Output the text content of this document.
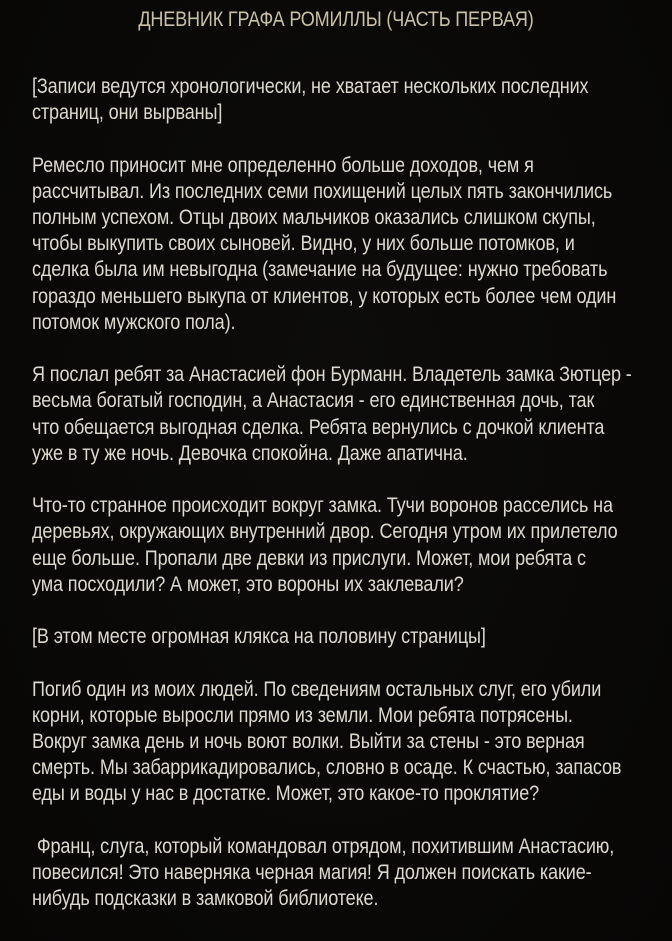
ДНЕВНИК ГРАФА РОМИЛЛЫ (ЧАСТЬ ПЕРВАЯ)

[Записи ведутся хронологически, не хватает нескольких последних
страниц, они вырваны]

Ремесло приносит мне определенно больше доходов, чем я
рассчитывал. Из последних семи похищений целых пять закончились
полным успехом. Отцы двоих мальчиков оказались слишком скупы,
чтобы выкупить своих сыновей. Видно, у них больше потомков, и
сделка была им невыгодна (замечание на будущее: нужно требовать
гораздо меньшего выкупа от клиентов, у которых есть более чем один
потомок мужского пола).

Я послал ребят за Анастасией фон Бурманн. Владетель замка Зютцер -
весьма богатый господин, а Анастасия - его единственная дочь, так
что обещается выгодная сделка. Ребята вернулись с дочкой клиента
уже в ту же ночь. Девочка спокойна. Даже апатична.

Что-то странное происходит вокруг замка. Тучи воронов расселись на
деревьях, окружающих внутренний двор. Сегодня утром их прилетело
еще больше. Пропали две девки из прислуги. Может, мои ребята с
ума посходили? А может, это вороны их заклевали?

[В этом месте огромная клякса на половину страницы]

Погиб один из моих людей. По сведениям остальных слуг, его убили
корни, которые выросли прямо из земли. Мои ребята потрясены.
Вокруг замка день и ночь воют волки. Выйти за стены - это верная
смерть. Мы забаррикадировались, словно в осаде. К счастью, запасов
еды и воды у нас в достатке. Может, это какое-то проклятие?

Франц, слуга, который командовал отрядом, похитившим Анастасию,
повесился! Это наверняка черная магия! Я должен поискать какие-
нибудь подсказки в замковой библиотеке.
